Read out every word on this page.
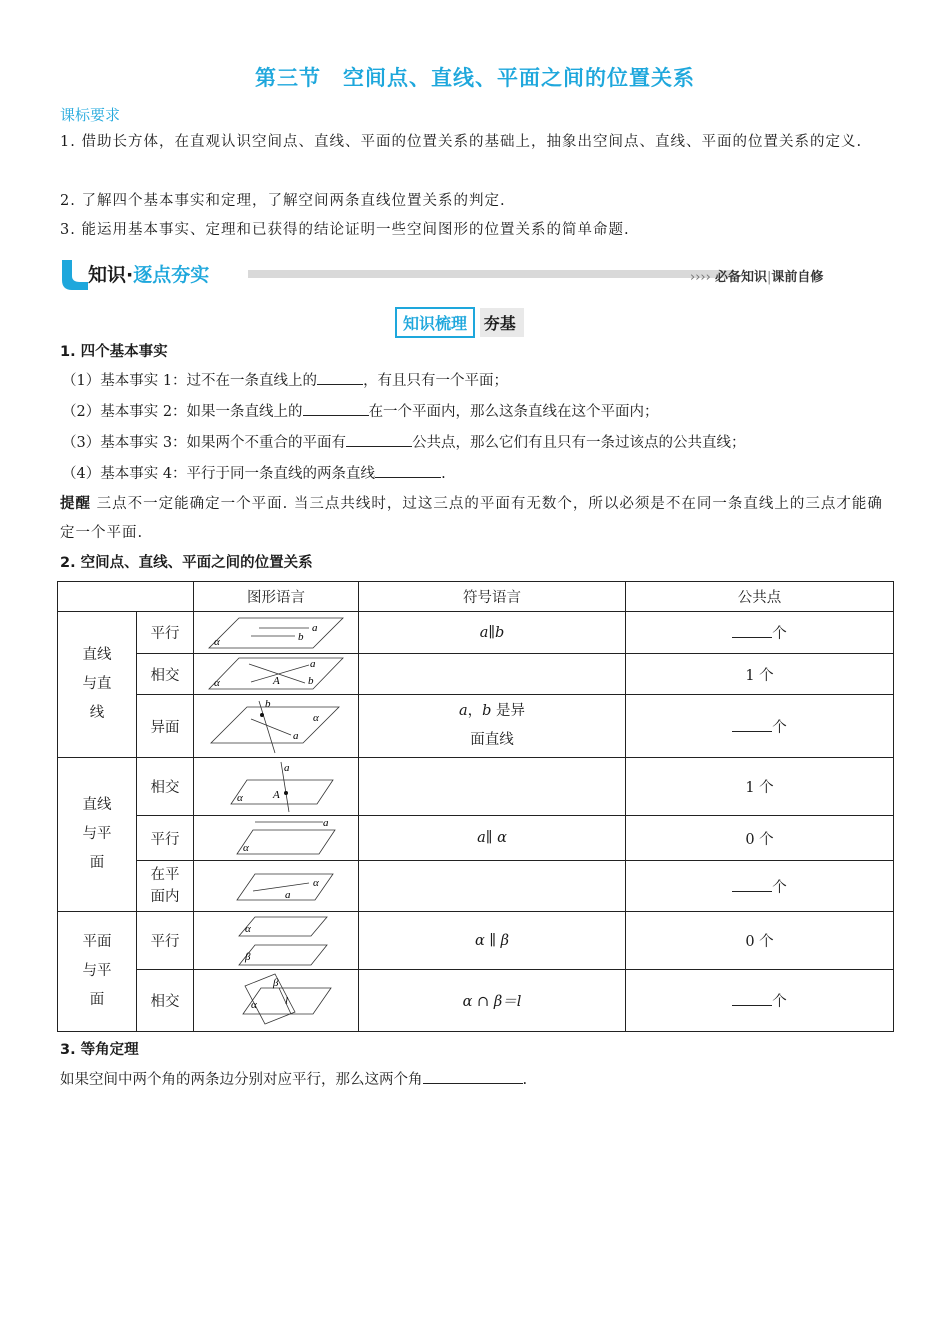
第三节　空间点、直线、平面之间的位置关系
课标要求
1. 借助长方体，在直观认识空间点、直线、平面的位置关系的基础上，抽象出空间点、直线、平面的位置关系的定义.
2. 了解四个基本事实和定理，了解空间两条直线位置关系的判定.
3. 能运用基本事实、定理和已获得的结论证明一些空间图形的位置关系的简单命题.
知识·逐点夯实	›››› 必备知识|课前自修
知识梳理 夯基
1. 四个基本事实
（1）基本事实 1：过不在一条直线上的	，有且只有一个平面；
（2）基本事实 2：如果一条直线上的	在一个平面内，那么这条直线在这个平面内；
（3）基本事实 3：如果两个不重合的平面有	公共点，那么它们有且只有一条过该点的公共直线；
（4）基本事实 4：平行于同一条直线的两条直线	.
提醒 三点不一定能确定一个平面. 当三点共线时，过这三点的平面有无数个，所以必须是不在同一条直线上的三点才能确定一个平面.
2. 空间点、直线、平面之间的位置关系
		图形语言	符号语言	公共点
直线
与直
线	平行	a
b
α	a∥b	个
	相交	a
b
A
α		1 个
	异面	b
a
α	a，b 是异
面直线	个
直线
与平
面	相交	a
A
α		1 个
	平行	a
α	a∥ α	0 个
	在平
面内	a
α		个
平面
与平
面	平行	α
β	α ∥ β	0 个
	相交	β
α l	α ∩ β＝l	个
3. 等角定理
如果空间中两个角的两条边分别对应平行，那么这两个角	.
